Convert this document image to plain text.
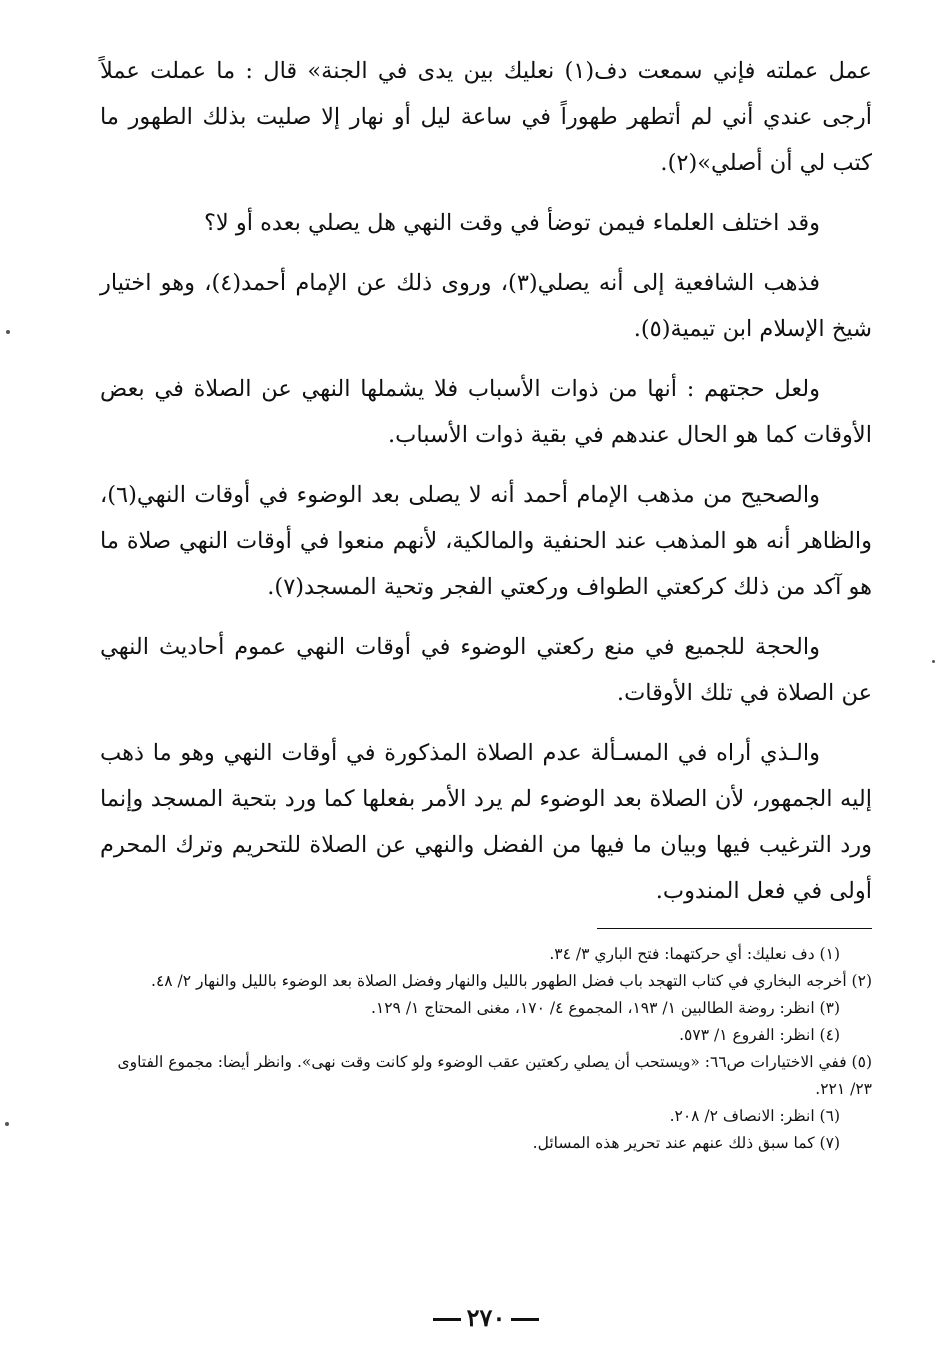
عمل عملته فإني سمعت دف(١) نعليك بين يدى في الجنة» قال : ما عملت عملاً أرجى عندي أني لم أتطهر طهوراً في ساعة ليل أو نهار إلا صليت بذلك الطهور ما كتب لي أن أصلي»(٢).

وقد اختلف العلماء فيمن توضأ في وقت النهي هل يصلي بعده أو لا؟

فذهب الشافعية إلى أنه يصلي(٣)، وروى ذلك عن الإمام أحمد(٤)، وهو اختيار شيخ الإسلام ابن تيمية(٥).

ولعل حجتهم : أنها من ذوات الأسباب فلا يشملها النهي عن الصلاة في بعض الأوقات كما هو الحال عندهم في بقية ذوات الأسباب.

والصحيح من مذهب الإمام أحمد أنه لا يصلى بعد الوضوء في أوقات النهي(٦)، والظاهر أنه هو المذهب عند الحنفية والمالكية، لأنهم منعوا في أوقات النهي صلاة ما هو آكد من ذلك كركعتي الطواف وركعتي الفجر وتحية المسجد(٧).

والحجة للجميع في منع ركعتي الوضوء في أوقات النهي عموم أحاديث النهي عن الصلاة في تلك الأوقات.

والـذي أراه في المسـألة عدم الصلاة المذكورة في أوقات النهي وهو ما ذهب إليه الجمهور، لأن الصلاة بعد الوضوء لم يرد الأمر بفعلها كما ورد بتحية المسجد وإنما ورد الترغيب فيها وبيان ما فيها من الفضل والنهي عن الصلاة للتحريم وترك المحرم أولى في فعل المندوب.

(١) دف نعليك: أي حركتهما: فتح الباري ٣/ ٣٤.

(٢) أخرجه البخاري في كتاب التهجد باب فضل الطهور بالليل والنهار وفضل الصلاة بعد الوضوء بالليل والنهار ٢/ ٤٨.

(٣) انظر: روضة الطالبين ١/ ١٩٣، المجموع ٤/ ١٧٠، مغنى المحتاج ١/ ١٢٩.

(٤) انظر: الفروع ١/ ٥٧٣.

(٥) ففي الاختيارات ص٦٦: «ويستحب أن يصلي ركعتين عقب الوضوء ولو كانت وقت نهى». وانظر أيضا: مجموع الفتاوى ٢٣/ ٢٢١.

(٦) انظر: الانصاف ٢/ ٢٠٨.

(٧) كما سبق ذلك عنهم عند تحرير هذه المسائل.

٢٧٠
